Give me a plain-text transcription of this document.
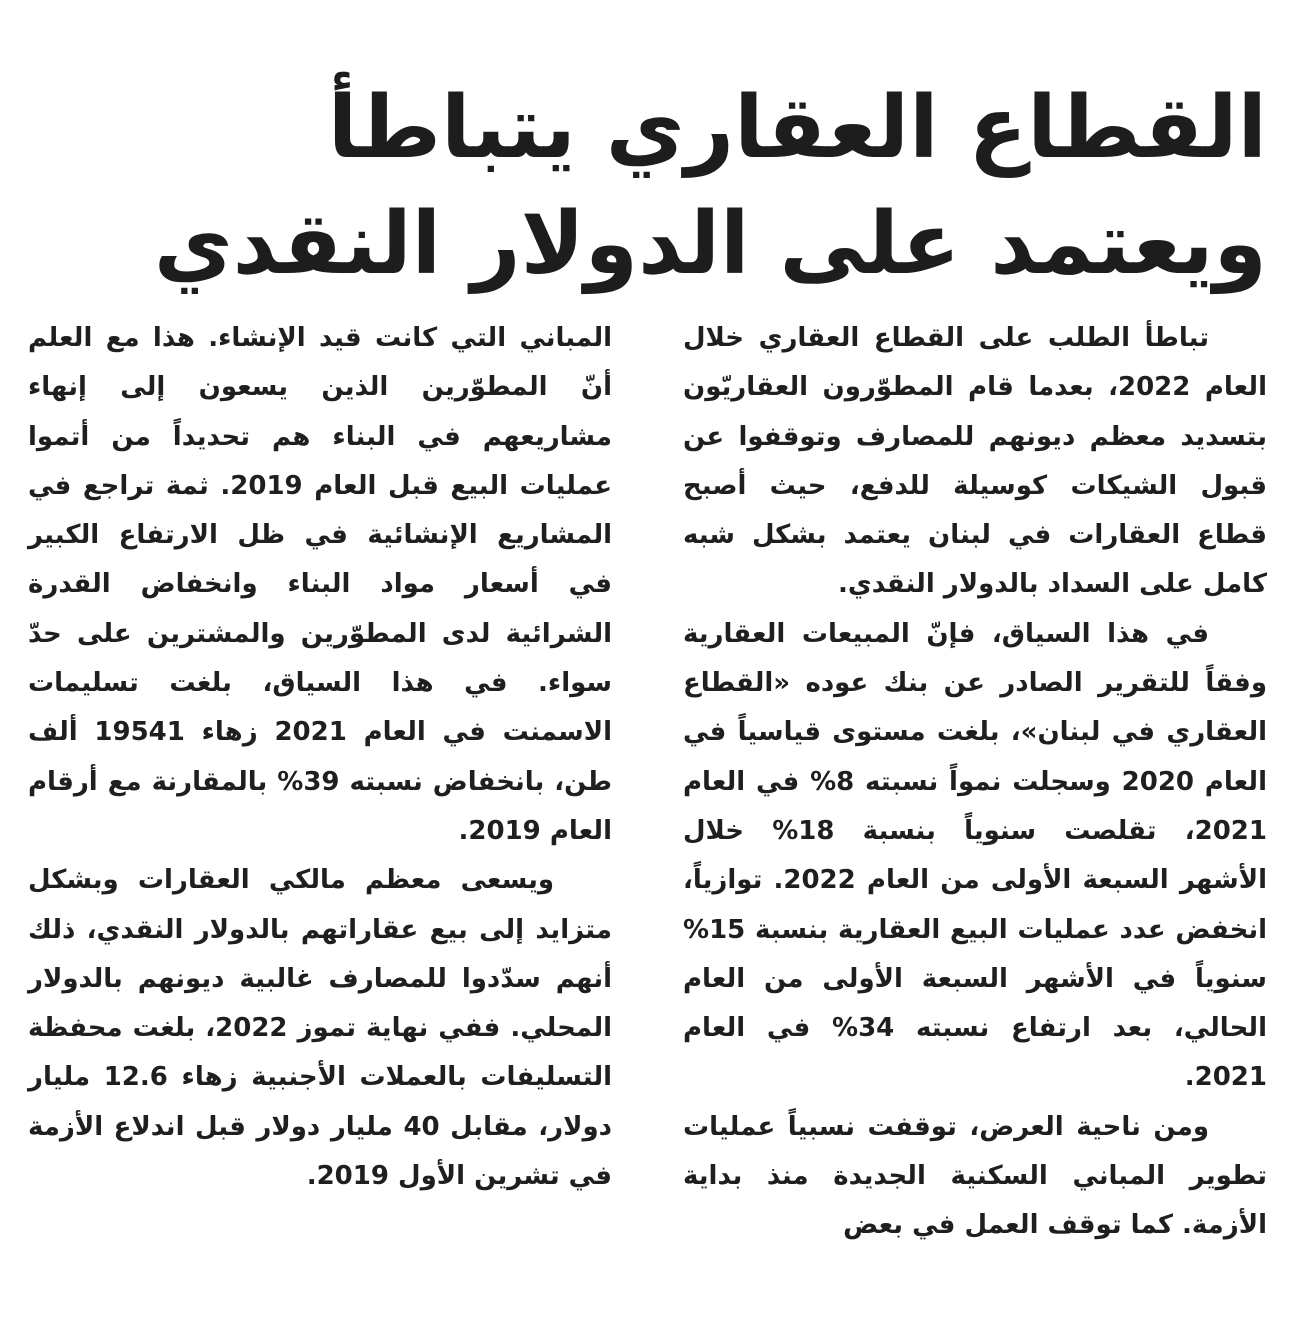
القطاع العقاري يتباطأ
ويعتمد على الدولار النقدي

تباطأ الطلب على القطاع العقاري خلال العام 2022، بعدما قام المطوّرون العقاريّون بتسديد معظم ديونهم للمصارف وتوقفوا عن قبول الشيكات كوسيلة للدفع، حيث أصبح قطاع العقارات في لبنان يعتمد بشكل شبه كامل على السداد بالدولار النقدي.

في هذا السياق، فإنّ المبيعات العقارية وفقاً للتقرير الصادر عن بنك عوده «القطاع العقاري في لبنان»، بلغت مستوى قياسياً في العام 2020 وسجلت نمواً نسبته 8% في العام 2021، تقلصت سنوياً بنسبة 18% خلال الأشهر السبعة الأولى من العام 2022. توازياً، انخفض عدد عمليات البيع العقارية بنسبة 15% سنوياً في الأشهر السبعة الأولى من العام الحالي، بعد ارتفاع نسبته 34% في العام 2021.

ومن ناحية العرض، توقفت نسبياً عمليات تطوير المباني السكنية الجديدة منذ بداية الأزمة. كما توقف العمل في بعض

المباني التي كانت قيد الإنشاء. هذا مع العلم أنّ المطوّرين الذين يسعون إلى إنهاء مشاريعهم في البناء هم تحديداً من أتموا عمليات البيع قبل العام 2019. ثمة تراجع في المشاريع الإنشائية في ظل الارتفاع الكبير في أسعار مواد البناء وانخفاض القدرة الشرائية لدى المطوّرين والمشترين على حدّ سواء. في هذا السياق، بلغت تسليمات الاسمنت في العام 2021 زهاء 19541 ألف طن، بانخفاض نسبته 39% بالمقارنة مع أرقام العام 2019.

ويسعى معظم مالكي العقارات وبشكل متزايد إلى بيع عقاراتهم بالدولار النقدي، ذلك أنهم سدّدوا للمصارف غالبية ديونهم بالدولار المحلي. ففي نهاية تموز 2022، بلغت محفظة التسليفات بالعملات الأجنبية زهاء 12.6 مليار دولار، مقابل 40 مليار دولار قبل اندلاع الأزمة في تشرين الأول 2019.
